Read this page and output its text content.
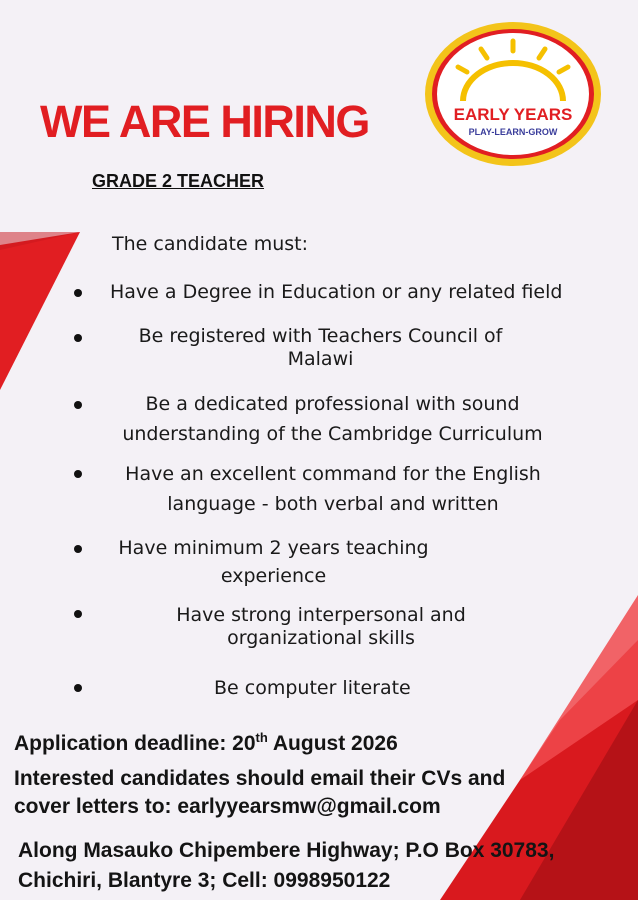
EARLY YEARS
PLAY-LEARN-GROW
WE ARE HIRING
GRADE 2 TEACHER
The candidate must:
Have a Degree in Education or any related field
Be registered with Teachers Council of
Malawi
Be a dedicated professional with sound
understanding of the Cambridge Curriculum
Have an excellent command for the English
language - both verbal and written
Have minimum 2 years teaching
experience
Have strong interpersonal and
organizational skills
Be computer literate
Application deadline: 20th August 2026
Interested candidates should email their CVs and
cover letters to: earlyyearsmw@gmail.com
Along Masauko Chipembere Highway; P.O Box 30783,
Chichiri, Blantyre 3; Cell: 0998950122
